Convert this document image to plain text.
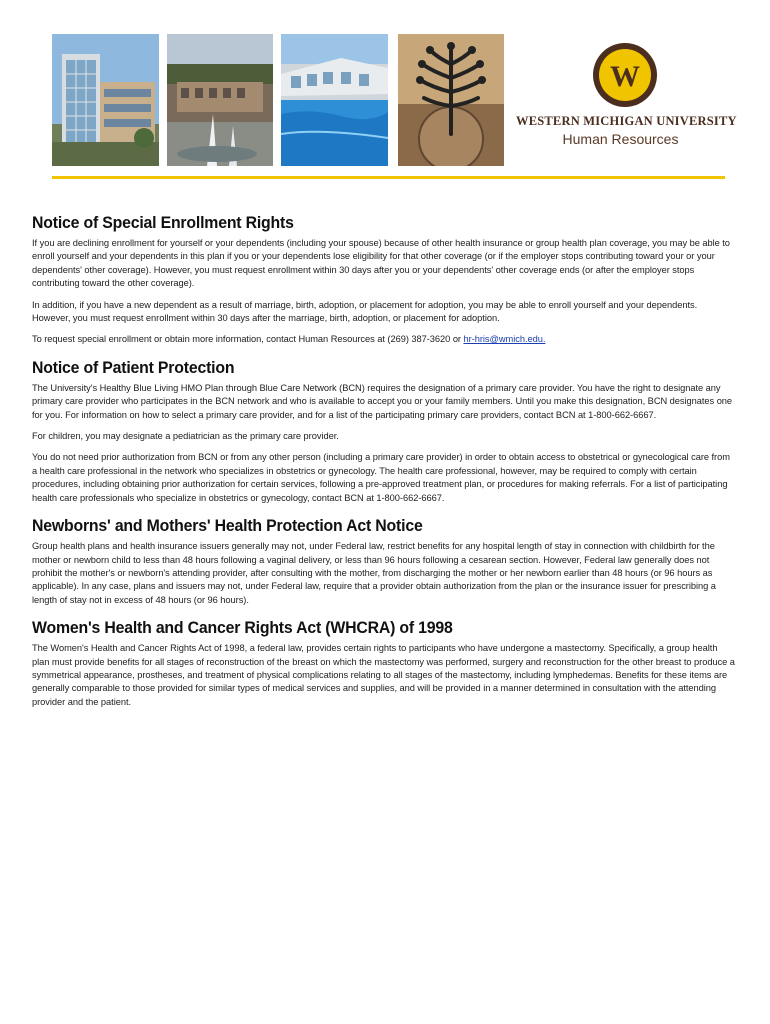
W
WESTERN MICHIGAN UNIVERSITY
Human Resources
Notice of Special Enrollment Rights

If you are declining enrollment for yourself or your dependents (including your spouse) because of other health insurance or group health plan coverage, you may be able to enroll yourself and your dependents in this plan if you or your dependents lose eligibility for that other coverage (or if the employer stops contributing toward your or your dependents' other coverage). However, you must request enrollment within 30 days after you or your dependents' other coverage ends (or after the employer stops contributing toward the other coverage).

In addition, if you have a new dependent as a result of marriage, birth, adoption, or placement for adoption, you may be able to enroll yourself and your dependents. However, you must request enrollment within 30 days after the marriage, birth, adoption, or placement for adoption.

To request special enrollment or obtain more information, contact Human Resources at (269) 387-3620 or hr-hris@wmich.edu.

Notice of Patient Protection

The University's Healthy Blue Living HMO Plan through Blue Care Network (BCN) requires the designation of a primary care provider. You have the right to designate any primary care provider who participates in the BCN network and who is available to accept you or your family members. Until you make this designation, BCN designates one for you. For information on how to select a primary care provider, and for a list of the participating primary care providers, contact BCN at 1-800-662-6667.

For children, you may designate a pediatrician as the primary care provider.

You do not need prior authorization from BCN or from any other person (including a primary care provider) in order to obtain access to obstetrical or gynecological care from a health care professional in the network who specializes in obstetrics or gynecology. The health care professional, however, may be required to comply with certain procedures, including obtaining prior authorization for certain services, following a pre-approved treatment plan, or procedures for making referrals. For a list of participating health care professionals who specialize in obstetrics or gynecology, contact BCN at 1-800-662-6667.

Newborns' and Mothers' Health Protection Act Notice

Group health plans and health insurance issuers generally may not, under Federal law, restrict benefits for any hospital length of stay in connection with childbirth for the mother or newborn child to less than 48 hours following a vaginal delivery, or less than 96 hours following a cesarean section. However, Federal law generally does not prohibit the mother's or newborn's attending provider, after consulting with the mother, from discharging the mother or her newborn earlier than 48 hours (or 96 hours as applicable). In any case, plans and issuers may not, under Federal law, require that a provider obtain authorization from the plan or the insurance issuer for prescribing a length of stay not in excess of 48 hours (or 96 hours).

Women's Health and Cancer Rights Act (WHCRA) of 1998

The Women's Health and Cancer Rights Act of 1998, a federal law, provides certain rights to participants who have undergone a mastectomy. Specifically, a group health plan must provide benefits for all stages of reconstruction of the breast on which the mastectomy was performed, surgery and reconstruction for the other breast to produce a symmetrical appearance, prostheses, and treatment of physical complications relating to all stages of the mastectomy, including lymphedemas. Benefits for these items are generally comparable to those provided for similar types of medical services and supplies, and will be provided in a manner determined in consultation with the attending provider and the patient.
